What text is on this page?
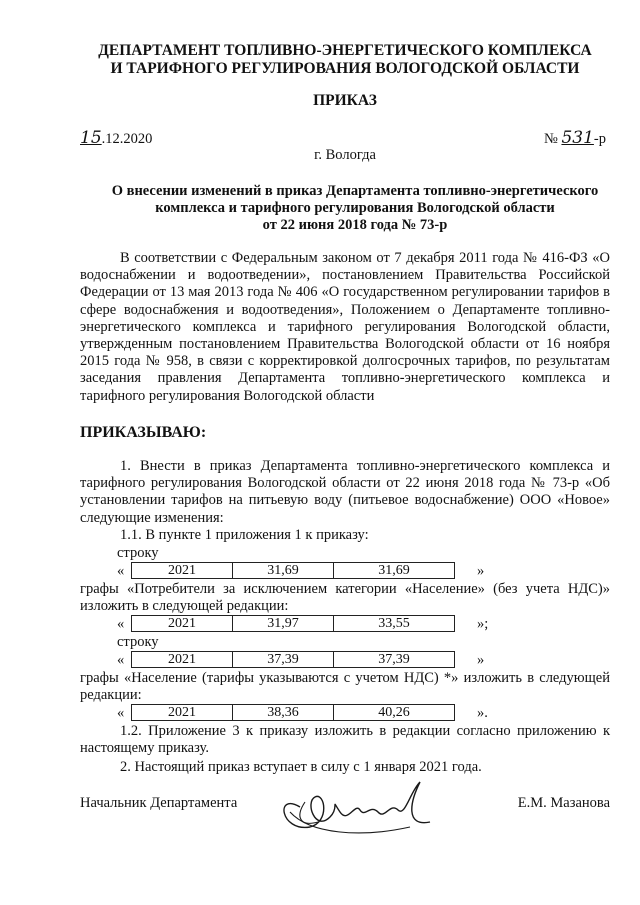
ДЕПАРТАМЕНТ ТОПЛИВНО-ЭНЕРГЕТИЧЕСКОГО КОМПЛЕКСА
И ТАРИФНОГО РЕГУЛИРОВАНИЯ ВОЛОГОДСКОЙ ОБЛАСТИ
ПРИКАЗ
15.12.2020	№ 531-р
г. Вологда
О внесении изменений в приказ Департамента топливно-энергетического
комплекса и тарифного регулирования Вологодской области
от 22 июня 2018 года № 73-р
В соответствии с Федеральным законом от 7 декабря 2011 года № 416-ФЗ «О водоснабжении и водоотведении», постановлением Правительства Российской Федерации от 13 мая 2013 года № 406 «О государственном регулировании тарифов в сфере водоснабжения и водоотведения», Положением о Департаменте топливно-энергетического комплекса и тарифного регулирования Вологодской области, утвержденным постановлением Правительства Вологодской области от 16 ноября 2015 года № 958, в связи с корректировкой долгосрочных тарифов, по результатам заседания правления Департамента топливно-энергетического комплекса и тарифного регулирования Вологодской области
ПРИКАЗЫВАЮ:
1. Внести в приказ Департамента топливно-энергетического комплекса и тарифного регулирования Вологодской области от 22 июня 2018 года № 73-р «Об установлении тарифов на питьевую воду (питьевое водоснабжение) ООО «Новое» следующие изменения:
1.1. В пункте 1 приложения 1 к приказу:
строку
«	2021	31,69	31,69	»
графы «Потребители за исключением категории «Население» (без учета НДС)» изложить в следующей редакции:
«	2021	31,97	33,55	»;
строку
«	2021	37,39	37,39	»
графы «Население (тарифы указываются с учетом НДС) *» изложить в следующей редакции:
«	2021	38,36	40,26	».
1.2. Приложение 3 к приказу изложить в редакции согласно приложению к настоящему приказу.
2. Настоящий приказ вступает в силу с 1 января 2021 года.
Начальник Департамента	Е.М. Мазанова
